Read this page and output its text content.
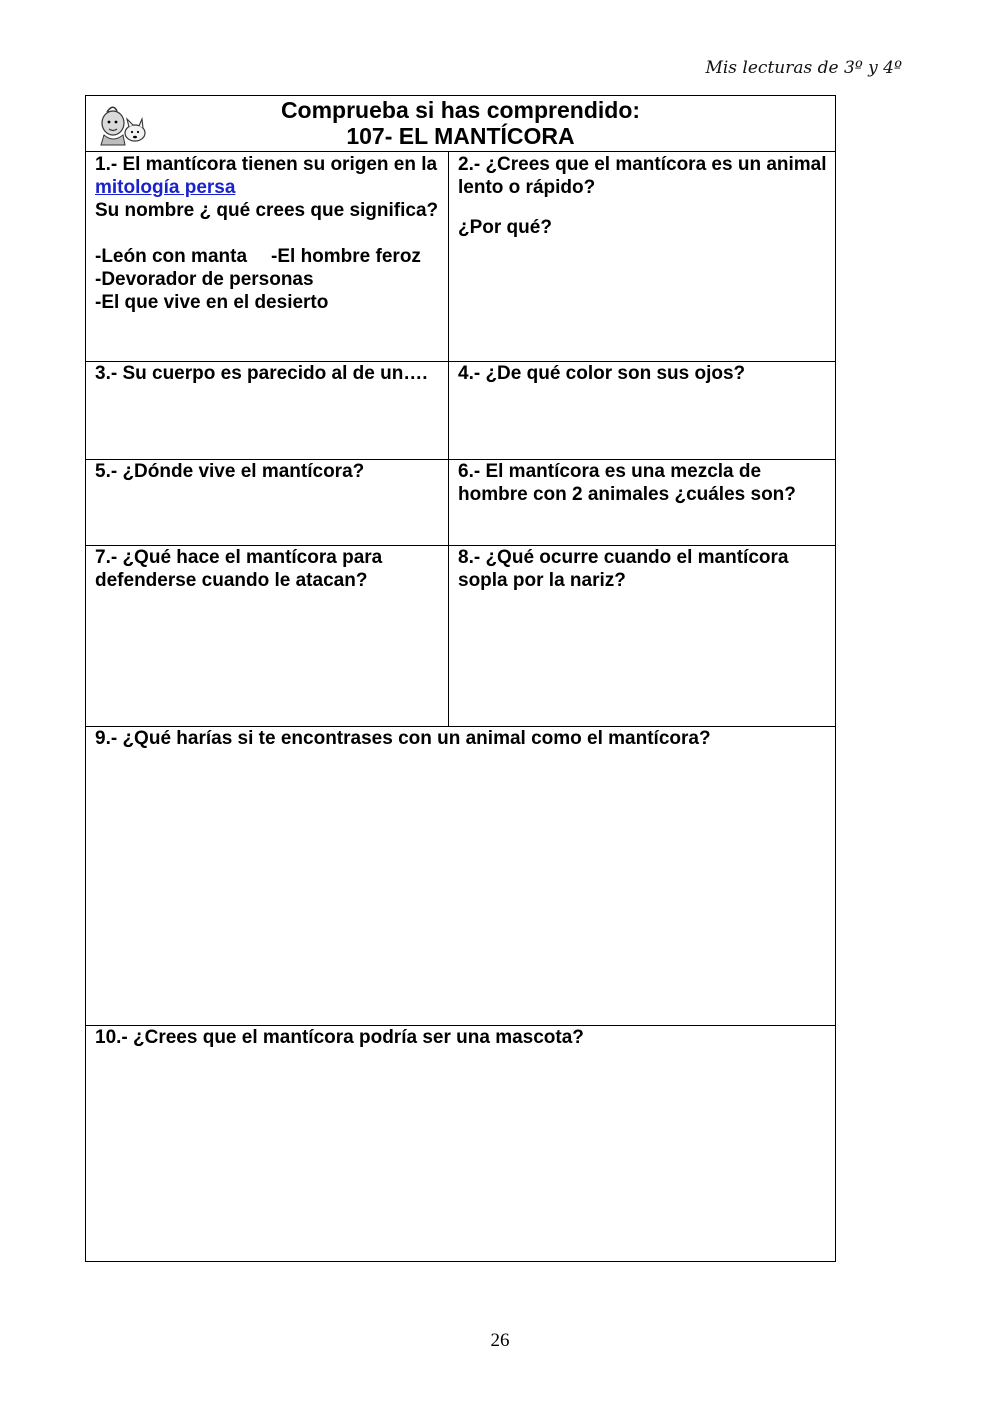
Mis lecturas de 3º y 4º
Comprueba si has comprendido:
107- EL MANTÍCORA

1.- El mantícora tienen su origen en la mitología persa

Su nombre ¿ qué crees que significa?

-León con manta -El hombre feroz

-Devorador de personas

-El que vive en el desierto

2.- ¿Crees que el mantícora es un animal lento o rápido?

¿Por qué?

3.- Su cuerpo es parecido al de un….	4.- ¿De qué color son sus ojos?

5.- ¿Dónde vive el mantícora?	6.- El mantícora es una mezcla de hombre con 2 animales ¿cuáles son?

7.- ¿Qué hace el mantícora para defenderse cuando le atacan?

8.- ¿Qué ocurre cuando el mantícora sopla por la nariz?

9.- ¿Qué harías si te encontrases con un animal como el mantícora?

10.- ¿Crees que el mantícora podría ser una mascota?

26
